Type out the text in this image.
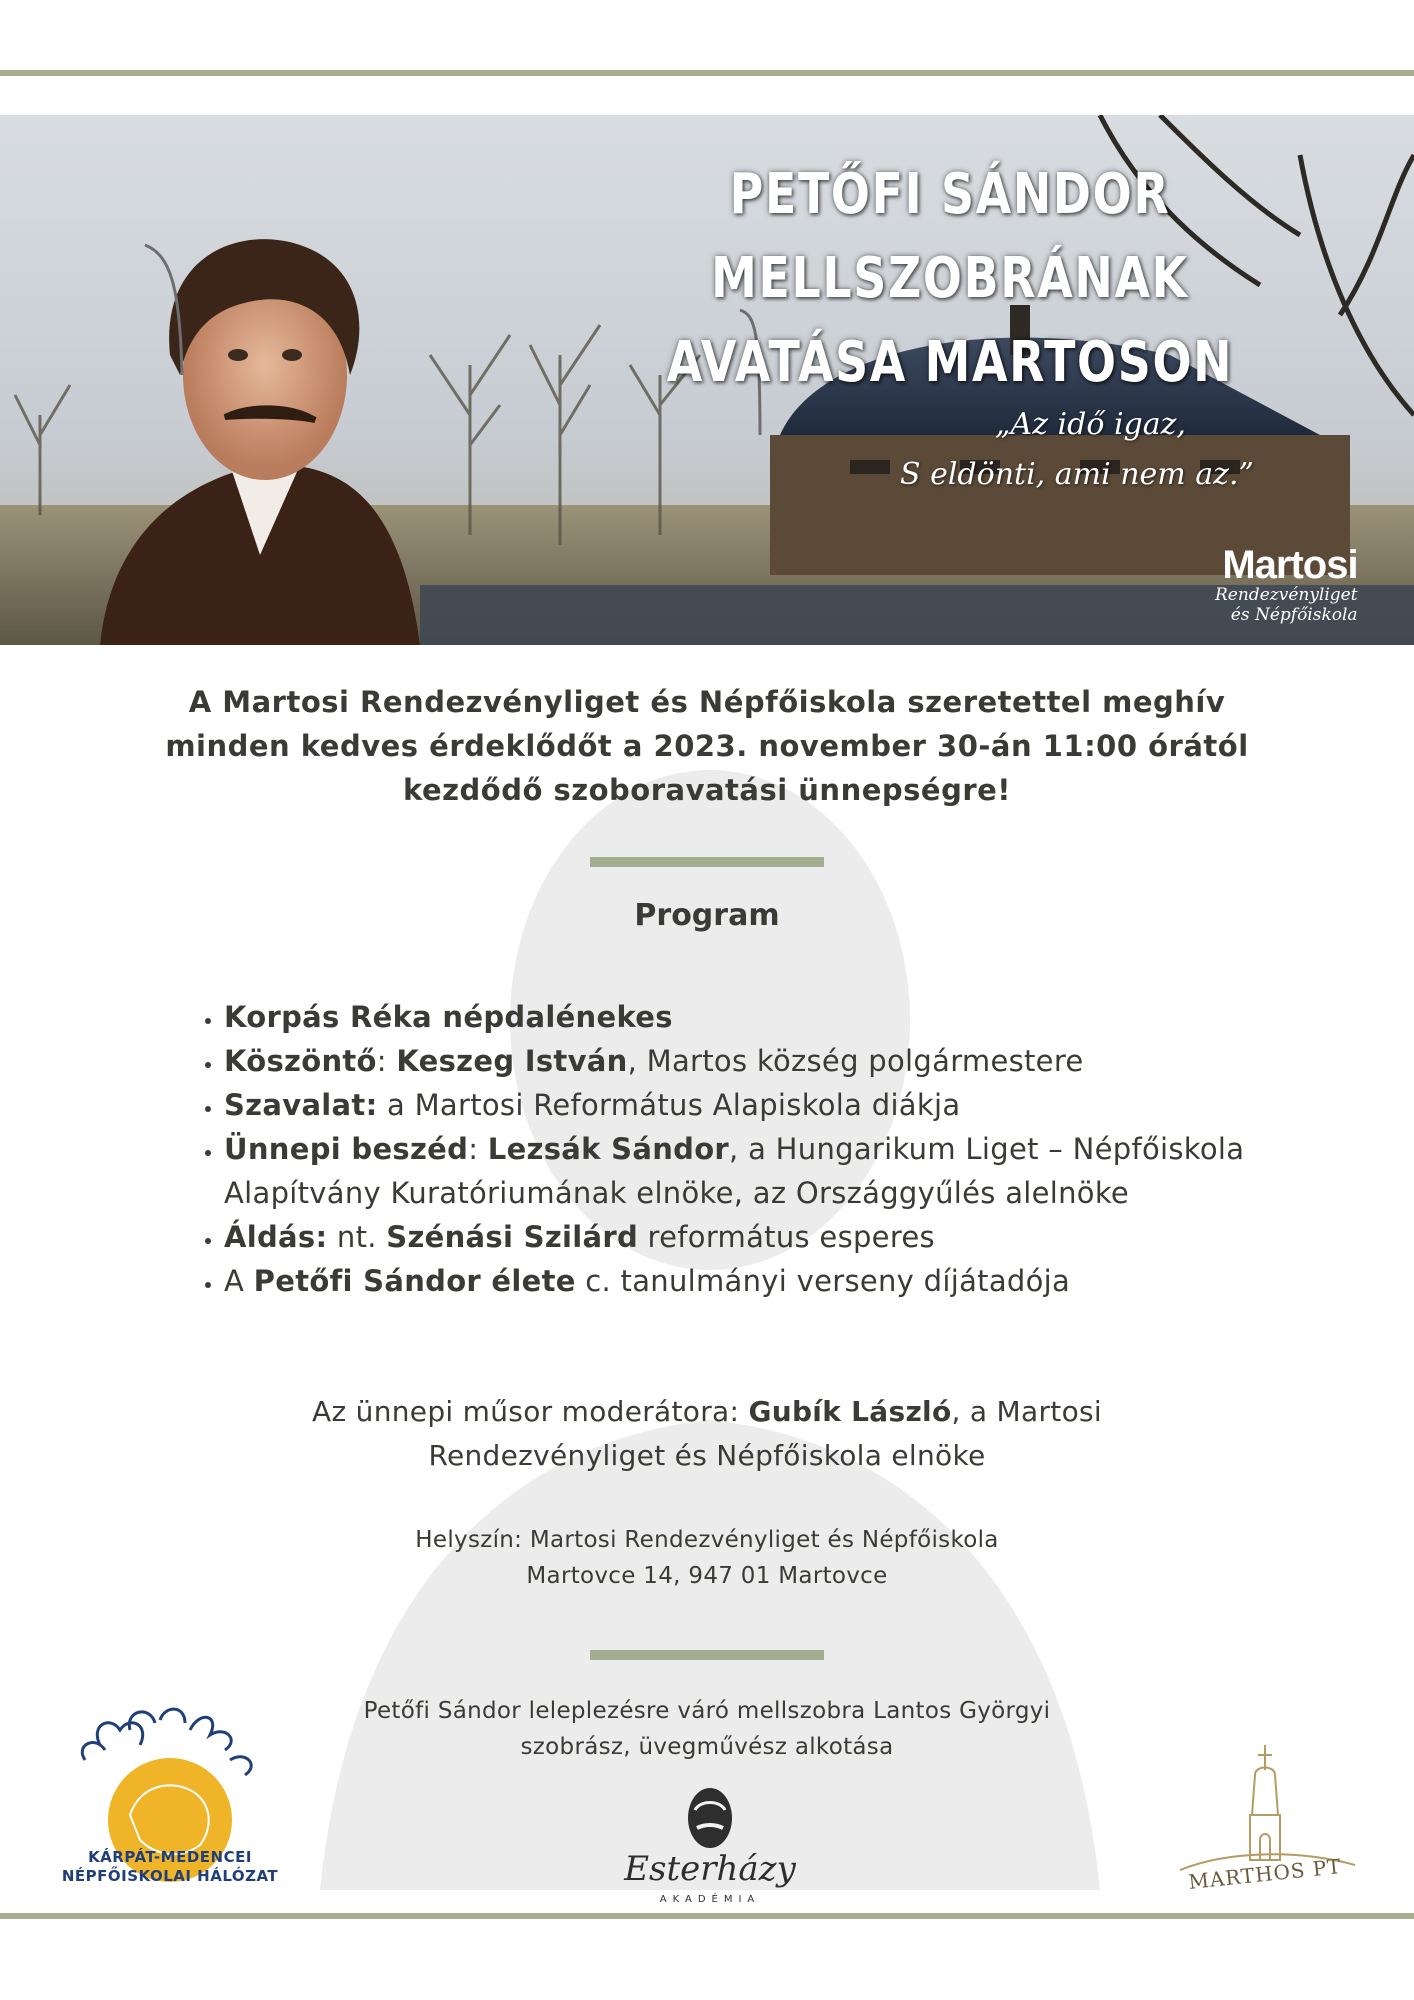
PETŐFI SÁNDOR MELLSZOBRÁNAK
AVATÁSA MARTOSON
„Az idő igaz,
S eldönti, ami nem az.”
Martosi
Rendezvényliget
és Népfőiskola
A Martosi Rendezvényliget és Népfőiskola szeretettel meghív
minden kedves érdeklődőt a 2023. november 30-án 11:00 órától
kezdődő szoboravatási ünnepségre!
Program
• Korpás Réka népdalénekes
• Köszöntő: Keszeg István, Martos község polgármestere
• Szavalat: a Martosi Református Alapiskola diákja
• Ünnepi beszéd: Lezsák Sándor, a Hungarikum Liget – Népfőiskola Alapítvány Kuratóriumának elnöke, az Országgyűlés alelnöke
• Áldás: nt. Szénási Szilárd református esperes
• A Petőfi Sándor élete c. tanulmányi verseny díjátadója
Az ünnepi műsor moderátora: Gubík László, a Martosi Rendezvényliget és Népfőiskola elnöke
Helyszín: Martosi Rendezvényliget és Népfőiskola
Martovce 14, 947 01 Martovce
Petőfi Sándor leleplezésre váró mellszobra Lantos Györgyi
szobrász, üvegművész alkotása
KÁRPÁT-MEDENCEI
NÉPFŐISKOLAI HÁLÓZAT	Esterházy
AKADÉMIA
MARTHOS PT
